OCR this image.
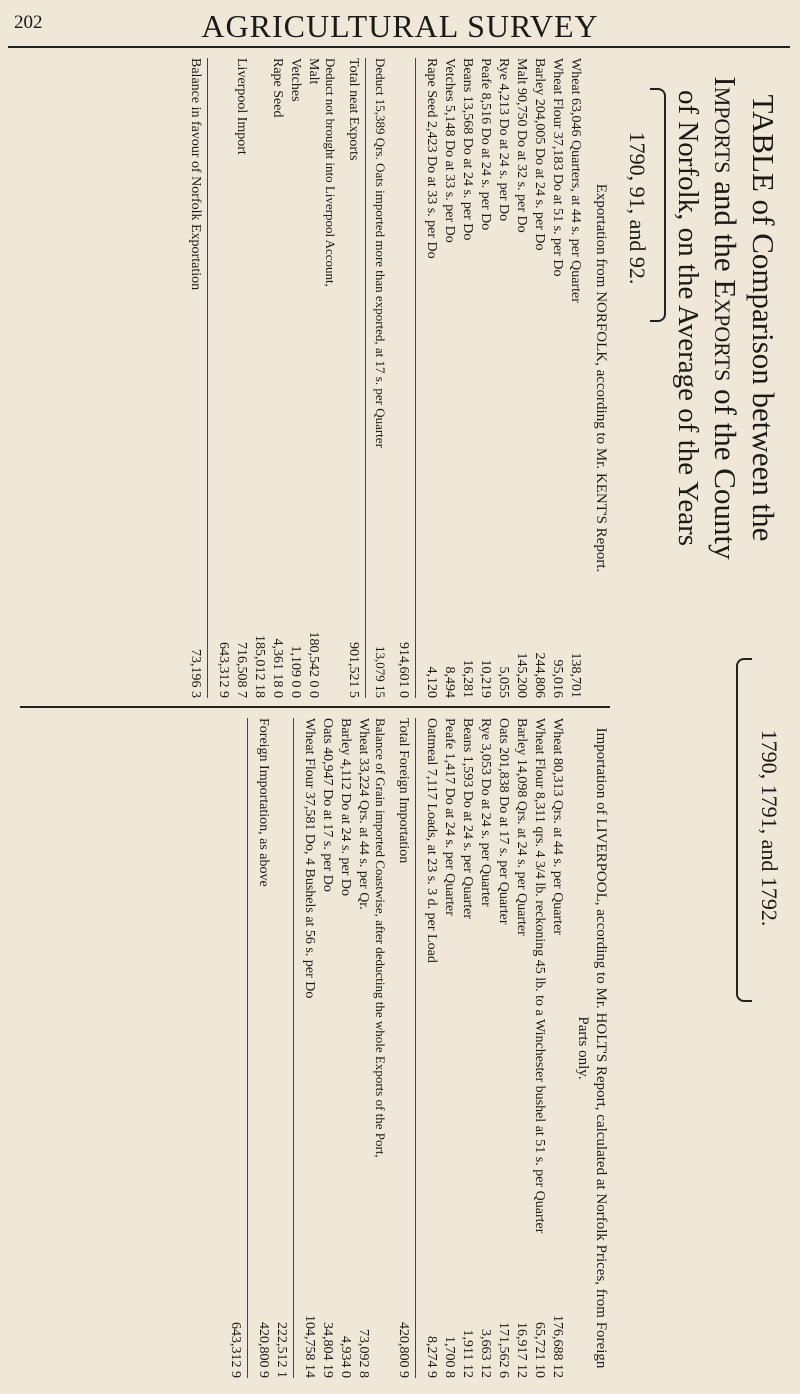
202	AGRICULTURAL SURVEY
TABLE of Comparison between the Imports and the Exports of the County
of Norfolk, on the Average of the Years
1790, 91, and 92.
1790, 1791, and 1792.
Exportation from NORFOLK, according to Mr. KENT'S Report.
Wheat 63,046 Quarters, at 44 s. per Quarter
138,701
Wheat Flour 37,183 Do at 51 s. per Do
95,016
Barley 204,005 Do at 24 s. per Do
244,806
Malt 90,750 Do at 32 s. per Do
145,200
Rye 4,213 Do at 24 s. per Do
5,055
Peafe 8,516 Do at 24 s. per Do
10,219
Beans 13,568 Do at 24 s. per Do
16,281
Vetches 5,148 Do at 33 s. per Do
8,494
Rape Seed 2,423 Do at 33 s. per Do
4,120
914,601 0
Deduct 15,389 Qrs. Oats imported more than exported, at 17 s. per Quarter
13,079 15
Total neat Exports
901,521 5
Deduct not brought into Liverpool Account,
Malt
180,542 0 0
Vetches
1,109 0 0
Rape Seed
4,361 18 0
185,012 18
Liverpool Import
716,508 7
643,312 9
Balance in favour of Norfolk Exportation
73,196 3
Importation of LIVERPOOL, according to Mr. HOLT'S Report, calculated at Norfolk Prices, from Foreign Parts only.
Wheat 80,313 Qrs. at 44 s. per Quarter
176,688 12
Wheat Flour 8,311 qrs. 4 3/4 lb. reckoning 45 lb. to a Winchester bushel at 51 s. per Quarter
65,721 10
Barley 14,098 Qrs. at 24 s. per Quarter
16,917 12
Oats 201,838 Do at 17 s. per Quarter
171,562 6
Rye 3,053 Do at 24 s. per Quarter
3,663 12
Beans 1,593 Do at 24 s. per Quarter
1,911 12
Peafe 1,417 Do at 24 s. per Quarter
1,700 8
Oatmeal 7,117 Loads, at 23 s. 3 d. per Load
8,274 9
Total Foreign Importation
420,800 9
Balance of Grain imported Coastwise, after deducting the whole Exports of the Port,
Wheat 33,224 Qrs. at 44 s. per Qr.
73,092 8
Barley 4,112 Do at 24 s. per Do
4,934 0
Oats 40,947 Do at 17 s. per Do
34,804 19
Wheat Flour 37,581 Do, 4 Bushels at 56 s. per Do
104,758 14
222,512 1
Foreign Importation, as above
420,800 9
643,312 9
